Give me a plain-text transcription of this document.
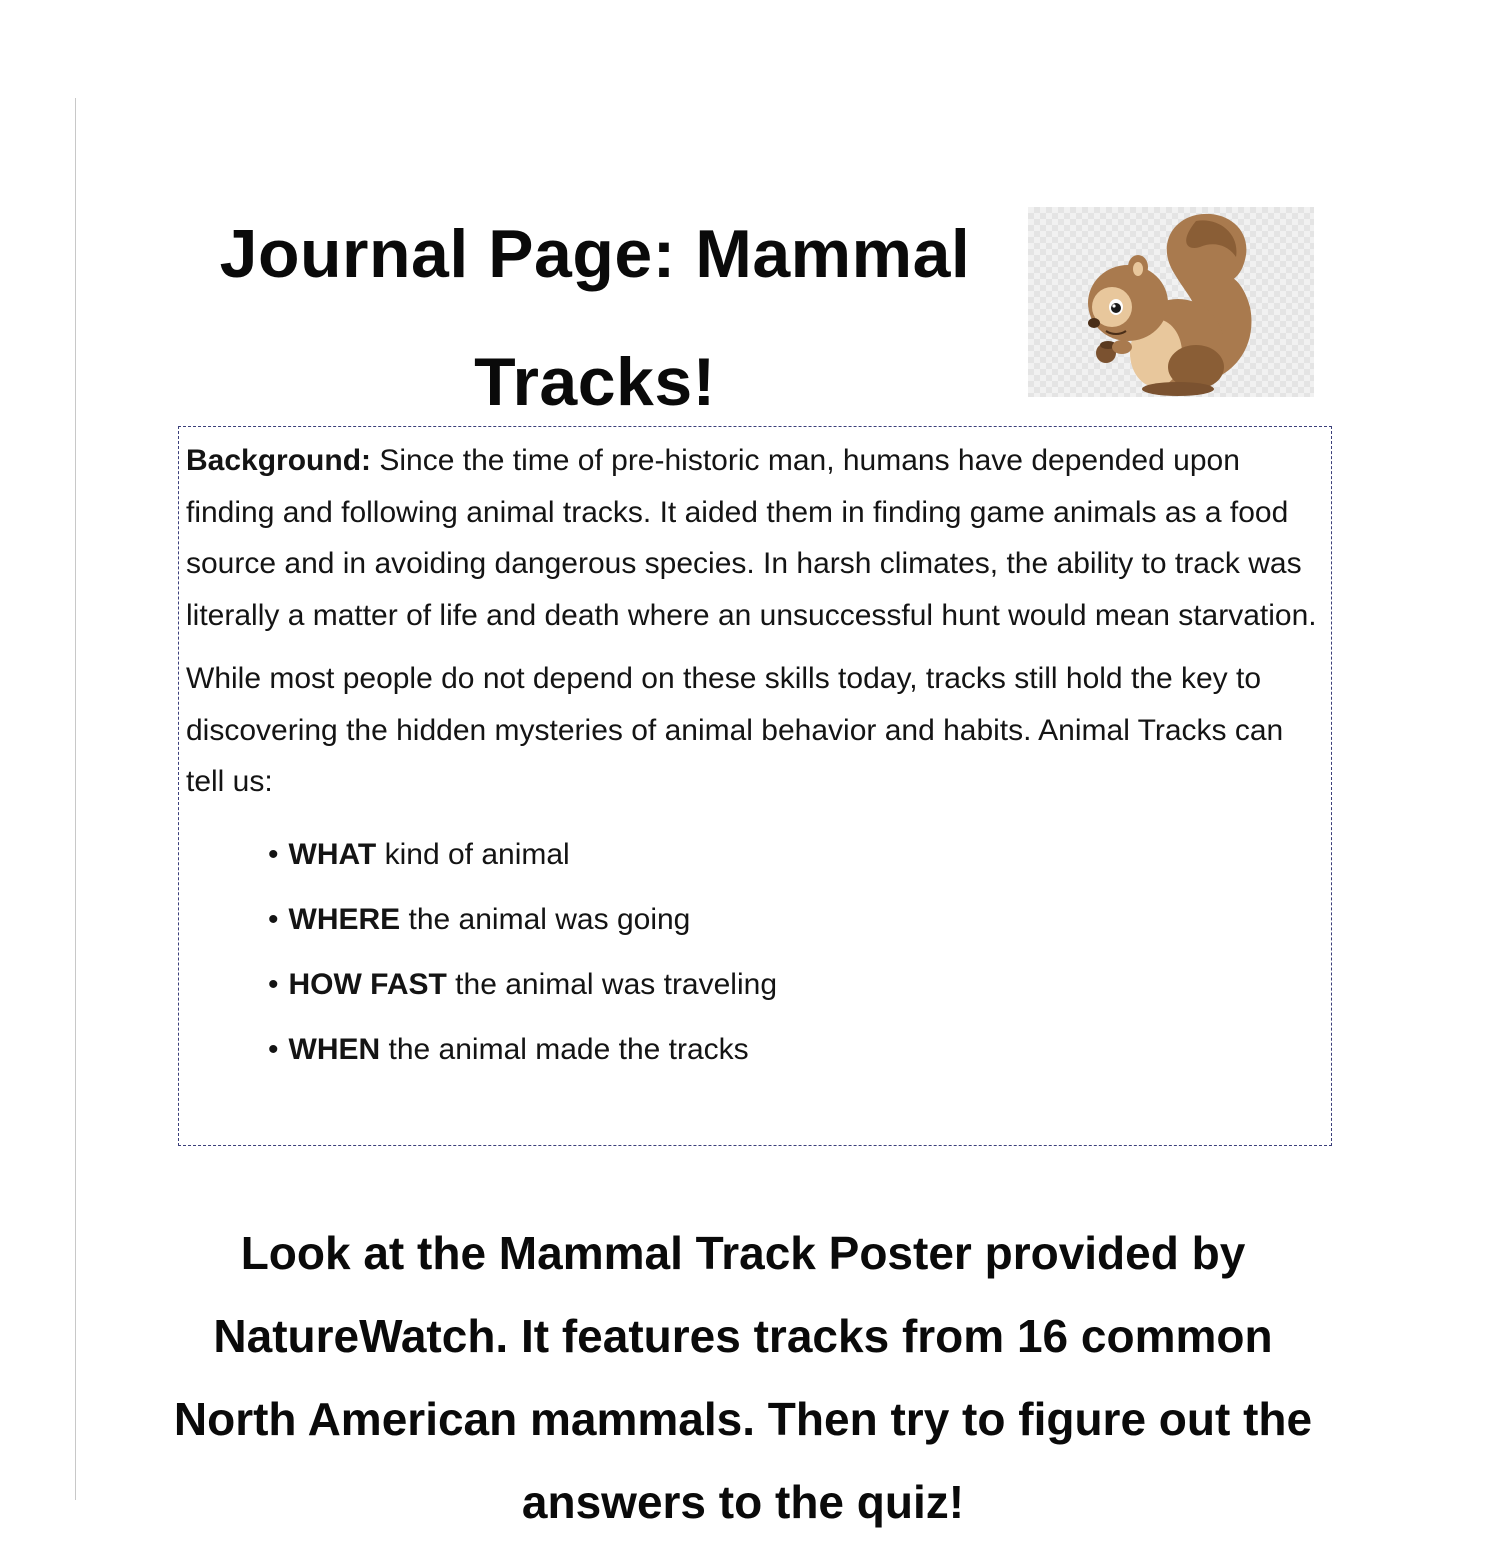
Journal Page: Mammal Tracks!

Background: Since the time of pre-historic man, humans have depended upon finding and following animal tracks. It aided them in finding game animals as a food source and in avoiding dangerous species. In harsh climates, the ability to track was literally a matter of life and death where an unsuccessful hunt would mean starvation.

While most people do not depend on these skills today, tracks still hold the key to discovering the hidden mysteries of animal behavior and habits. Animal Tracks can tell us:

• WHAT kind of animal
• WHERE the animal was going
• HOW FAST the animal was traveling
• WHEN the animal made the tracks

Look at the Mammal Track Poster provided by NatureWatch. It features tracks from 16 common North American mammals. Then try to figure out the answers to the quiz!
